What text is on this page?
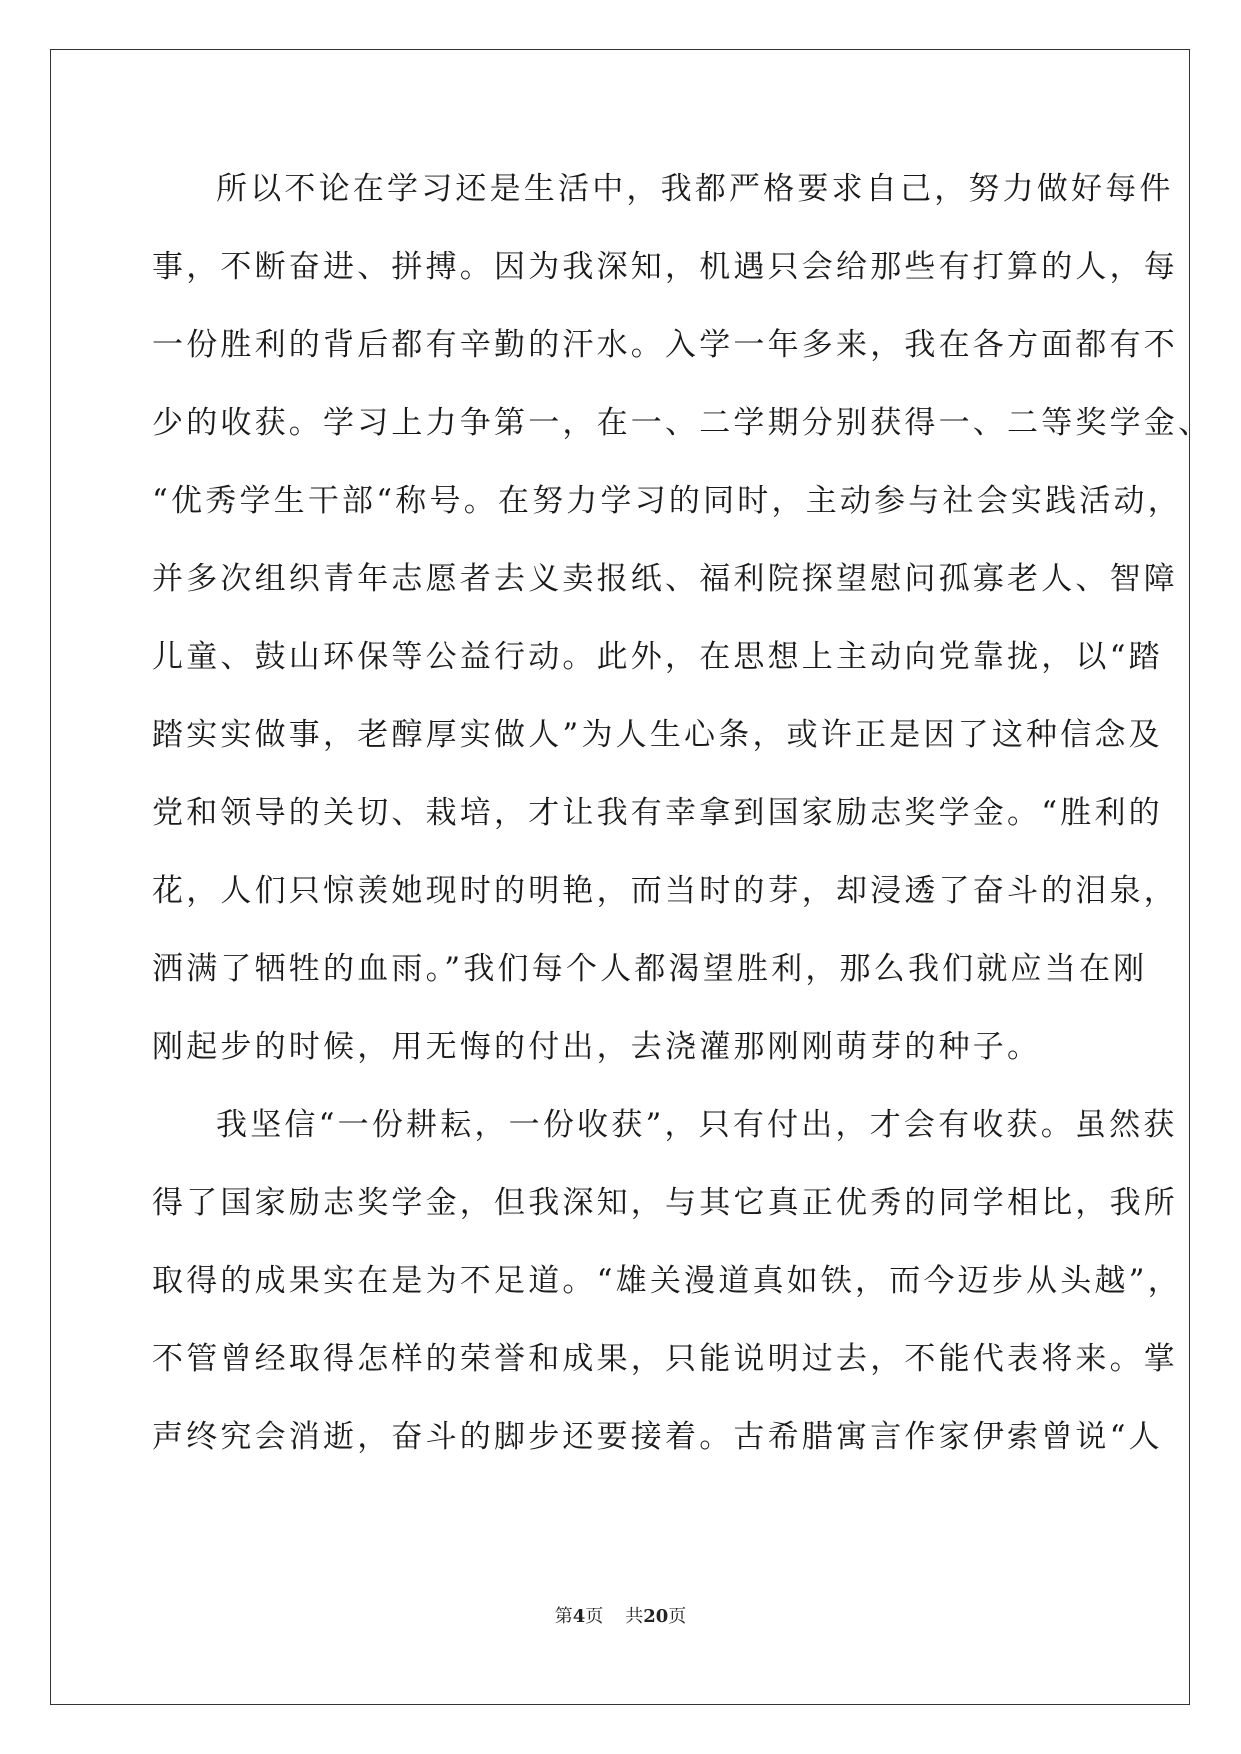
所以不论在学习还是生活中，我都严格要求自己，努力做好每件
事，不断奋进、拼搏。因为我深知，机遇只会给那些有打算的人，每
一份胜利的背后都有辛勤的汗水。入学一年多来，我在各方面都有不
少的收获。学习上力争第一，在一、二学期分别获得一、二等奖学金、
“优秀学生干部“称号。在努力学习的同时，主动参与社会实践活动，
并多次组织青年志愿者去义卖报纸、福利院探望慰问孤寡老人、智障
儿童、鼓山环保等公益行动。此外，在思想上主动向党靠拢，以“踏
踏实实做事，老醇厚实做人”为人生心条，或许正是因了这种信念及
党和领导的关切、栽培，才让我有幸拿到国家励志奖学金。“胜利的
花，人们只惊羡她现时的明艳，而当时的芽，却浸透了奋斗的泪泉，
洒满了牺牲的血雨。”我们每个人都渴望胜利，那么我们就应当在刚
刚起步的时候，用无悔的付出，去浇灌那刚刚萌芽的种子。
我坚信“一份耕耘，一份收获”，只有付出，才会有收获。虽然获
得了国家励志奖学金，但我深知，与其它真正优秀的同学相比，我所
取得的成果实在是为不足道。“雄关漫道真如铁，而今迈步从头越”，
不管曾经取得怎样的荣誉和成果，只能说明过去，不能代表将来。掌
声终究会消逝，奋斗的脚步还要接着。古希腊寓言作家伊索曾说“人
第4页 共20页
